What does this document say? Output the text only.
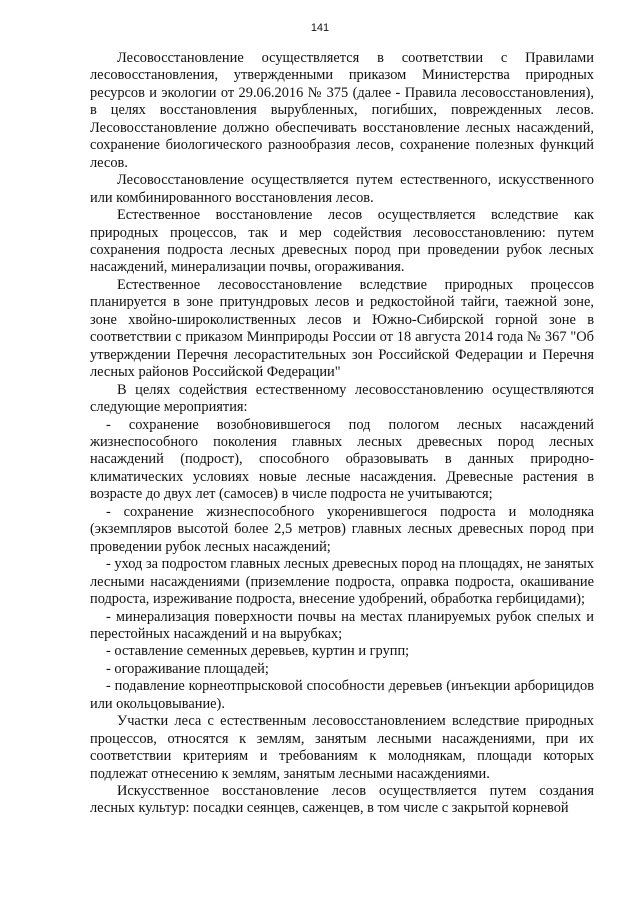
141

Лесовосстановление осуществляется в соответствии с Правилами лесовосстановления, утвержденными приказом Министерства природных ресурсов и экологии от 29.06.2016 № 375 (далее - Правила лесовосстановления), в целях восстановления вырубленных, погибших, поврежденных лесов. Лесовосстановление должно обеспечивать восстановление лесных насаждений, сохранение биологического разнообразия лесов, сохранение полезных функций лесов.

Лесовосстановление осуществляется путем естественного, искусственного или комбинированного восстановления лесов.

Естественное восстановление лесов осуществляется вследствие как природных процессов, так и мер содействия лесовосстановлению: путем сохранения подроста лесных древесных пород при проведении рубок лесных насаждений, минерализации почвы, огораживания.

Естественное лесовосстановление вследствие природных процессов планируется в зоне притундровых лесов и редкостойной тайги, таежной зоне, зоне хвойно-широколиственных лесов и Южно-Сибирской горной зоне в соответствии с приказом Минприроды России от 18 августа 2014 года № 367 "Об утверждении Перечня лесорастительных зон Российской Федерации и Перечня лесных районов Российской Федерации"

В целях содействия естественному лесовосстановлению осуществляются следующие мероприятия:

- сохранение возобновившегося под пологом лесных насаждений жизнеспособного поколения главных лесных древесных пород лесных насаждений (подрост), способного образовывать в данных природно-климатических условиях новые лесные насаждения. Древесные растения в возрасте до двух лет (самосев) в числе подроста не учитываются;

- сохранение жизнеспособного укоренившегося подроста и молодняка (экземпляров высотой более 2,5 метров) главных лесных древесных пород при проведении рубок лесных насаждений;

- уход за подростом главных лесных древесных пород на площадях, не занятых лесными насаждениями (приземление подроста, оправка подроста, окашивание подроста, изреживание подроста, внесение удобрений, обработка гербицидами);

- минерализация поверхности почвы на местах планируемых рубок спелых и перестойных насаждений и на вырубках;

- оставление семенных деревьев, куртин и групп;

- огораживание площадей;

- подавление корнеотпрысковой способности деревьев (инъекции арборицидов или окольцовывание).

Участки леса с естественным лесовосстановлением вследствие природных процессов, относятся к землям, занятым лесными насаждениями, при их соответствии критериям и требованиям к молоднякам, площади которых подлежат отнесению к землям, занятым лесными насаждениями.

Искусственное восстановление лесов осуществляется путем создания лесных культур: посадки сеянцев, саженцев, в том числе с закрытой корневой
